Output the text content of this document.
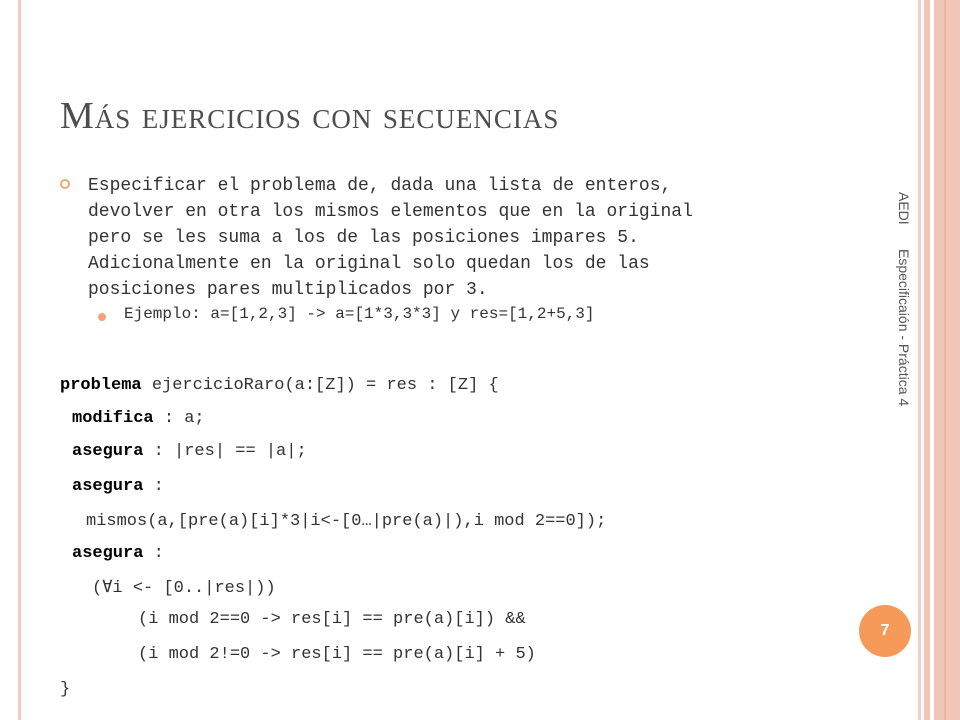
AEDI Especificaión - Práctica 4
7
Más ejercicios con secuencias
Especificar el problema de, dada una lista de enteros,
devolver en otra los mismos elementos que en la original
pero se les suma a los de las posiciones impares 5.
Adicionalmente en la original solo quedan los de las
posiciones pares multiplicados por 3.
Ejemplo: a=[1,2,3] -> a=[1*3,3*3] y res=[1,2+5,3]
problema ejercicioRaro(a:[Z]) = res : [Z] {
modifica : a;
asegura : |res| == |a|;
asegura :
mismos(a,[pre(a)[i]*3|i<-[0…|pre(a)|),i mod 2==0]);
asegura :
(∀i <- [0..|res|))
(i mod 2==0 -> res[i] == pre(a)[i]) &&
(i mod 2!=0 -> res[i] == pre(a)[i] + 5)
}
